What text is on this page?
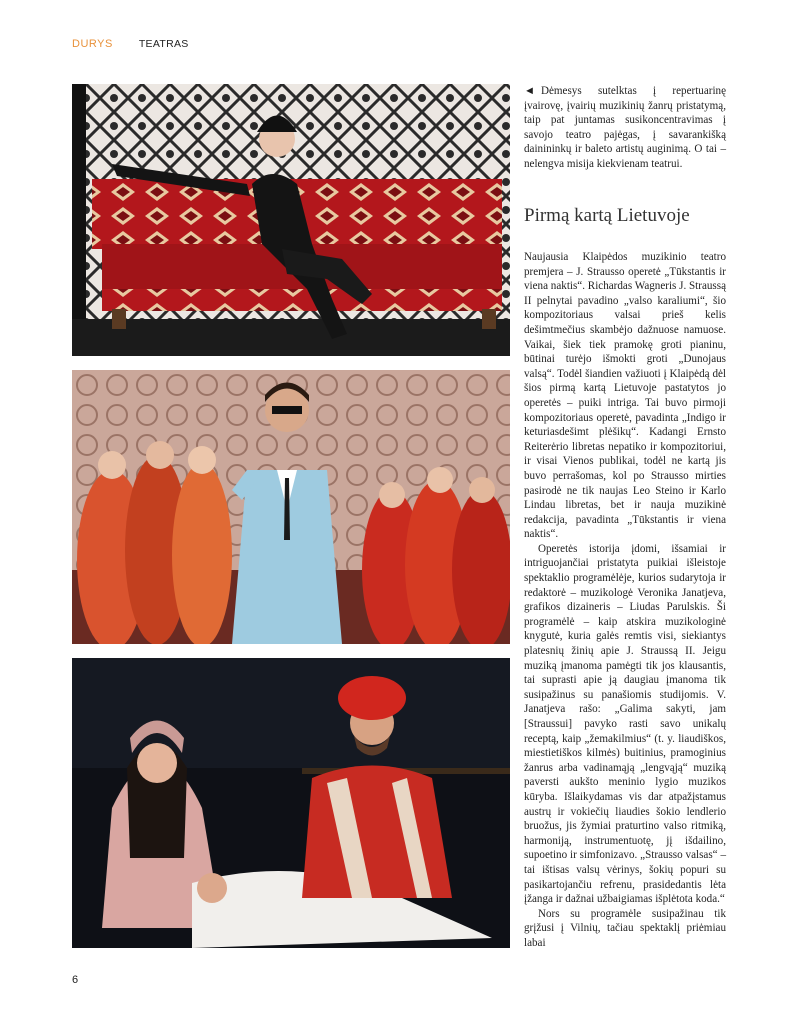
DURYS TEATRAS
◄ Dėmesys sutelktas į repertuarinę įvairovę, įvairių muzikinių žanrų pristatymą, taip pat juntamas susikoncentravimas į savojo teatro pajėgas, į savarankišką dainininkų ir baleto artistų auginimą. O tai – nelengva misija kiekvienam teatrui.
Pirmą kartą Lietuvoje

Naujausia Klaipėdos muzikinio teatro premjera – J. Strausso operetė „Tūkstantis ir viena naktis“. Richardas Wagneris J. Straussą II pelnytai pavadino „valso karaliumi“, šio kompozitoriaus valsai prieš kelis dešimtmečius skambėjo dažnuose namuose. Vaikai, šiek tiek pramokę groti pianinu, būtinai turėjo išmokti groti „Dunojaus valsą“. Todėl šiandien važiuoti į Klaipėdą dėl šios pirmą kartą Lietuvoje pastatytos jo operetės – puiki intriga. Tai buvo pirmoji kompozitoriaus operetė, pavadinta „Indigo ir keturiasdešimt plėšikų“. Kadangi Ernsto Reiterėrio libretas nepatiko ir kompozitoriui, ir visai Vienos publikai, todėl ne kartą jis buvo perrašomas, kol po Strausso mirties pasirodė ne tik naujas Leo Steino ir Karlo Lindau libretas, bet ir nauja muzikinė redakcija, pavadinta „Tūkstantis ir viena naktis“.

Operetės istorija įdomi, išsamiai ir intriguojančiai pristatyta puikiai išleistoje spektaklio programėlėje, kurios sudarytoja ir redaktorė – muzikologė Veronika Janatjeva, grafikos dizaineris – Liudas Parulskis. Ši programėlė – kaip atskira muzikologinė knygutė, kuria galės remtis visi, siekiantys platesnių žinių apie J. Straussą II. Jeigu muziką įmanoma pamėgti tik jos klausantis, tai suprasti apie ją daugiau įmanoma tik susipažinus su panašiomis studijomis. V. Janatjeva rašo: „Galima sakyti, jam [Straussui] pavyko rasti savo unikalų receptą, kaip „žemakilmius“ (t. y. liaudiškos, miestietiškos kilmės) buitinius, pramoginius žanrus arba vadinamąją „lengvąją“ muziką paversti aukšto meninio lygio muzikos kūryba. Išlaikydamas vis dar atpažįstamus austrų ir vokiečių liaudies šokio lendlerio bruožus, jis žymiai praturtino valso ritmiką, harmoniją, instrumentuotę, jį išdailino, supoetino ir simfonizavo. „Strausso valsas“ – tai ištisas valsų vėrinys, šokių popuri su pasikartojančiu refrenu, prasidedantis lėta įžanga ir dažnai užbaigiamas išplėtota koda.“

Nors su programėle susipažinau tik grįžusi į Vilnių, tačiau spektaklį priėmiau labai

6
